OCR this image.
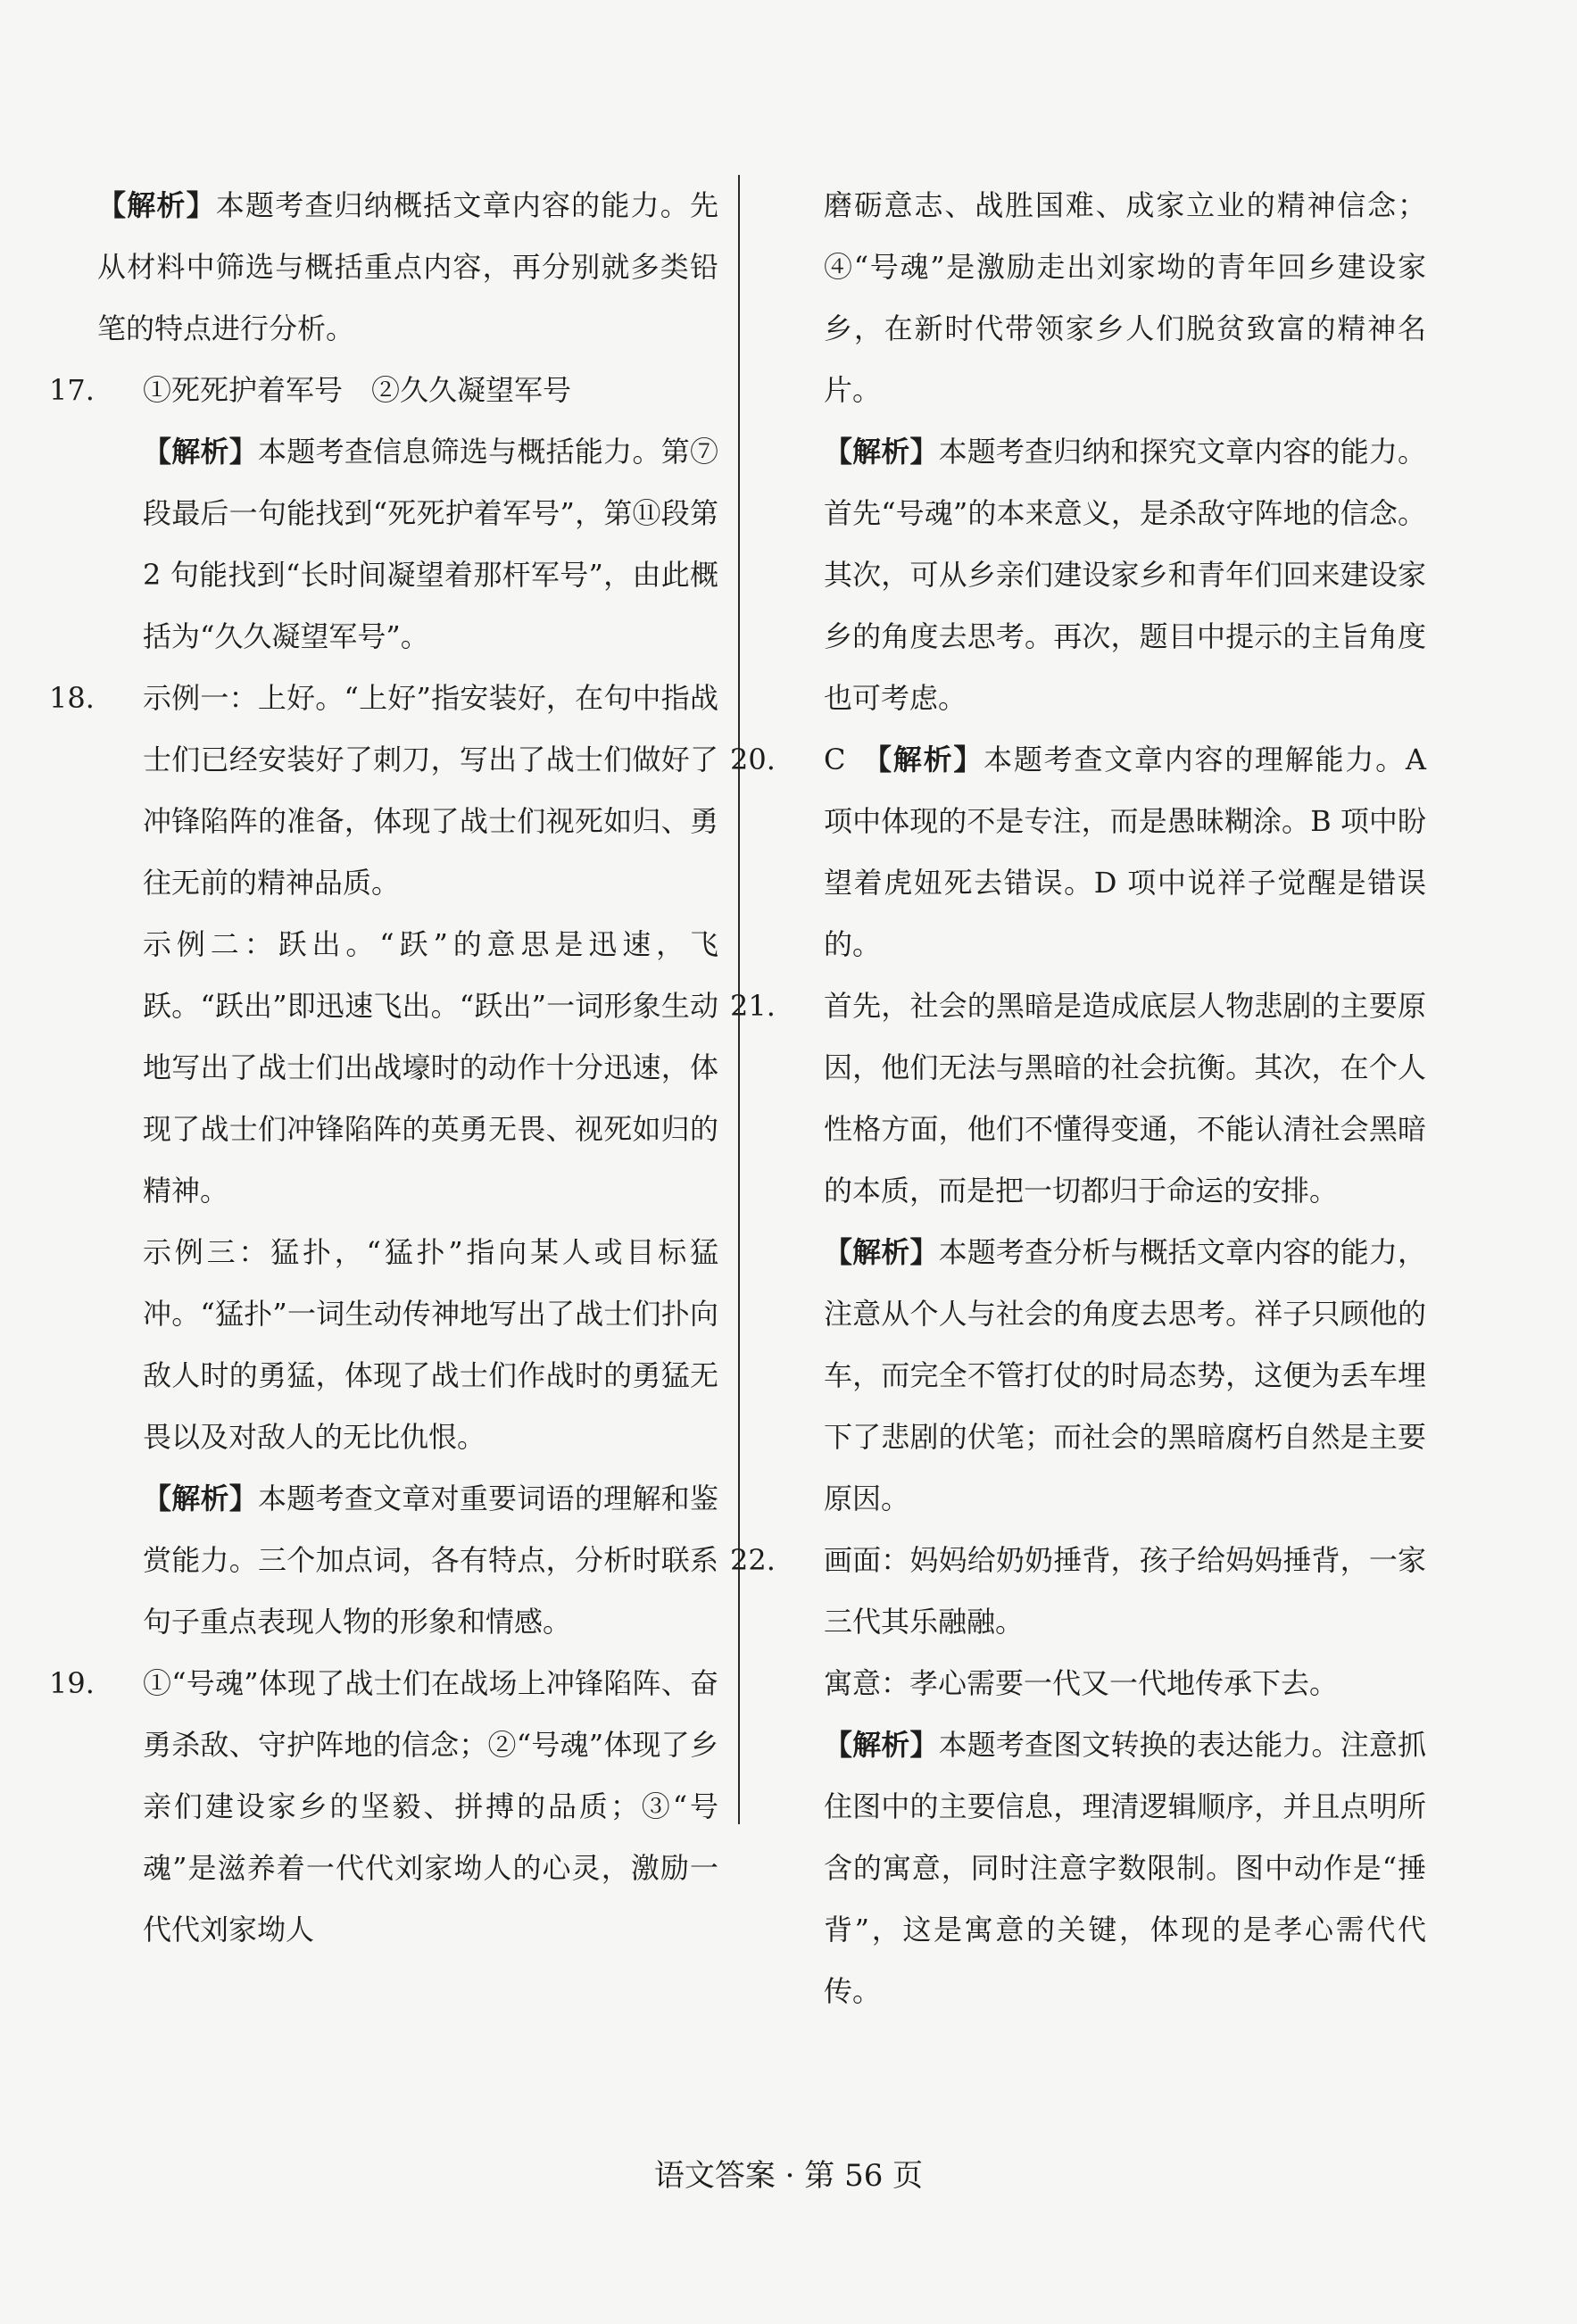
【解析】本题考查归纳概括文章内容的能力。先从材料中筛选与概括重点内容，再分别就多类铅笔的特点进行分析。

17.	①死死护着军号　②久久凝望军号

【解析】本题考查信息筛选与概括能力。第⑦段最后一句能找到“死死护着军号”，第⑪段第 2 句能找到“长时间凝望着那杆军号”，由此概括为“久久凝望军号”。

18.	示例一：上好。“上好”指安装好，在句中指战士们已经安装好了刺刀，写出了战士们做好了冲锋陷阵的准备，体现了战士们视死如归、勇往无前的精神品质。

示例二：跃出。“跃”的意思是迅速，飞跃。“跃出”即迅速飞出。“跃出”一词形象生动地写出了战士们出战壕时的动作十分迅速，体现了战士们冲锋陷阵的英勇无畏、视死如归的精神。

示例三：猛扑，“猛扑”指向某人或目标猛冲。“猛扑”一词生动传神地写出了战士们扑向敌人时的勇猛，体现了战士们作战时的勇猛无畏以及对敌人的无比仇恨。

【解析】本题考查文章对重要词语的理解和鉴赏能力。三个加点词，各有特点，分析时联系句子重点表现人物的形象和情感。

19.	①“号魂”体现了战士们在战场上冲锋陷阵、奋勇杀敌、守护阵地的信念；②“号魂”体现了乡亲们建设家乡的坚毅、拼搏的品质；③“号魂”是滋养着一代代刘家坳人的心灵，激励一代代刘家坳人

磨砺意志、战胜国难、成家立业的精神信念；④“号魂”是激励走出刘家坳的青年回乡建设家乡，在新时代带领家乡人们脱贫致富的精神名片。

【解析】本题考查归纳和探究文章内容的能力。首先“号魂”的本来意义，是杀敌守阵地的信念。其次，可从乡亲们建设家乡和青年们回来建设家乡的角度去思考。再次，题目中提示的主旨角度也可考虑。

20.	C　【解析】本题考查文章内容的理解能力。A 项中体现的不是专注，而是愚昧糊涂。B 项中盼望着虎妞死去错误。D 项中说祥子觉醒是错误的。
21.	首先，社会的黑暗是造成底层人物悲剧的主要原因，他们无法与黑暗的社会抗衡。其次，在个人性格方面，他们不懂得变通，不能认清社会黑暗的本质，而是把一切都归于命运的安排。

【解析】本题考查分析与概括文章内容的能力，注意从个人与社会的角度去思考。祥子只顾他的车，而完全不管打仗的时局态势，这便为丢车埋下了悲剧的伏笔；而社会的黑暗腐朽自然是主要原因。

22.	画面：妈妈给奶奶捶背，孩子给妈妈捶背，一家三代其乐融融。

寓意：孝心需要一代又一代地传承下去。

【解析】本题考查图文转换的表达能力。注意抓住图中的主要信息，理清逻辑顺序，并且点明所含的寓意，同时注意字数限制。图中动作是“捶背”，这是寓意的关键，体现的是孝心需代代传。

语文答案 · 第 56 页
